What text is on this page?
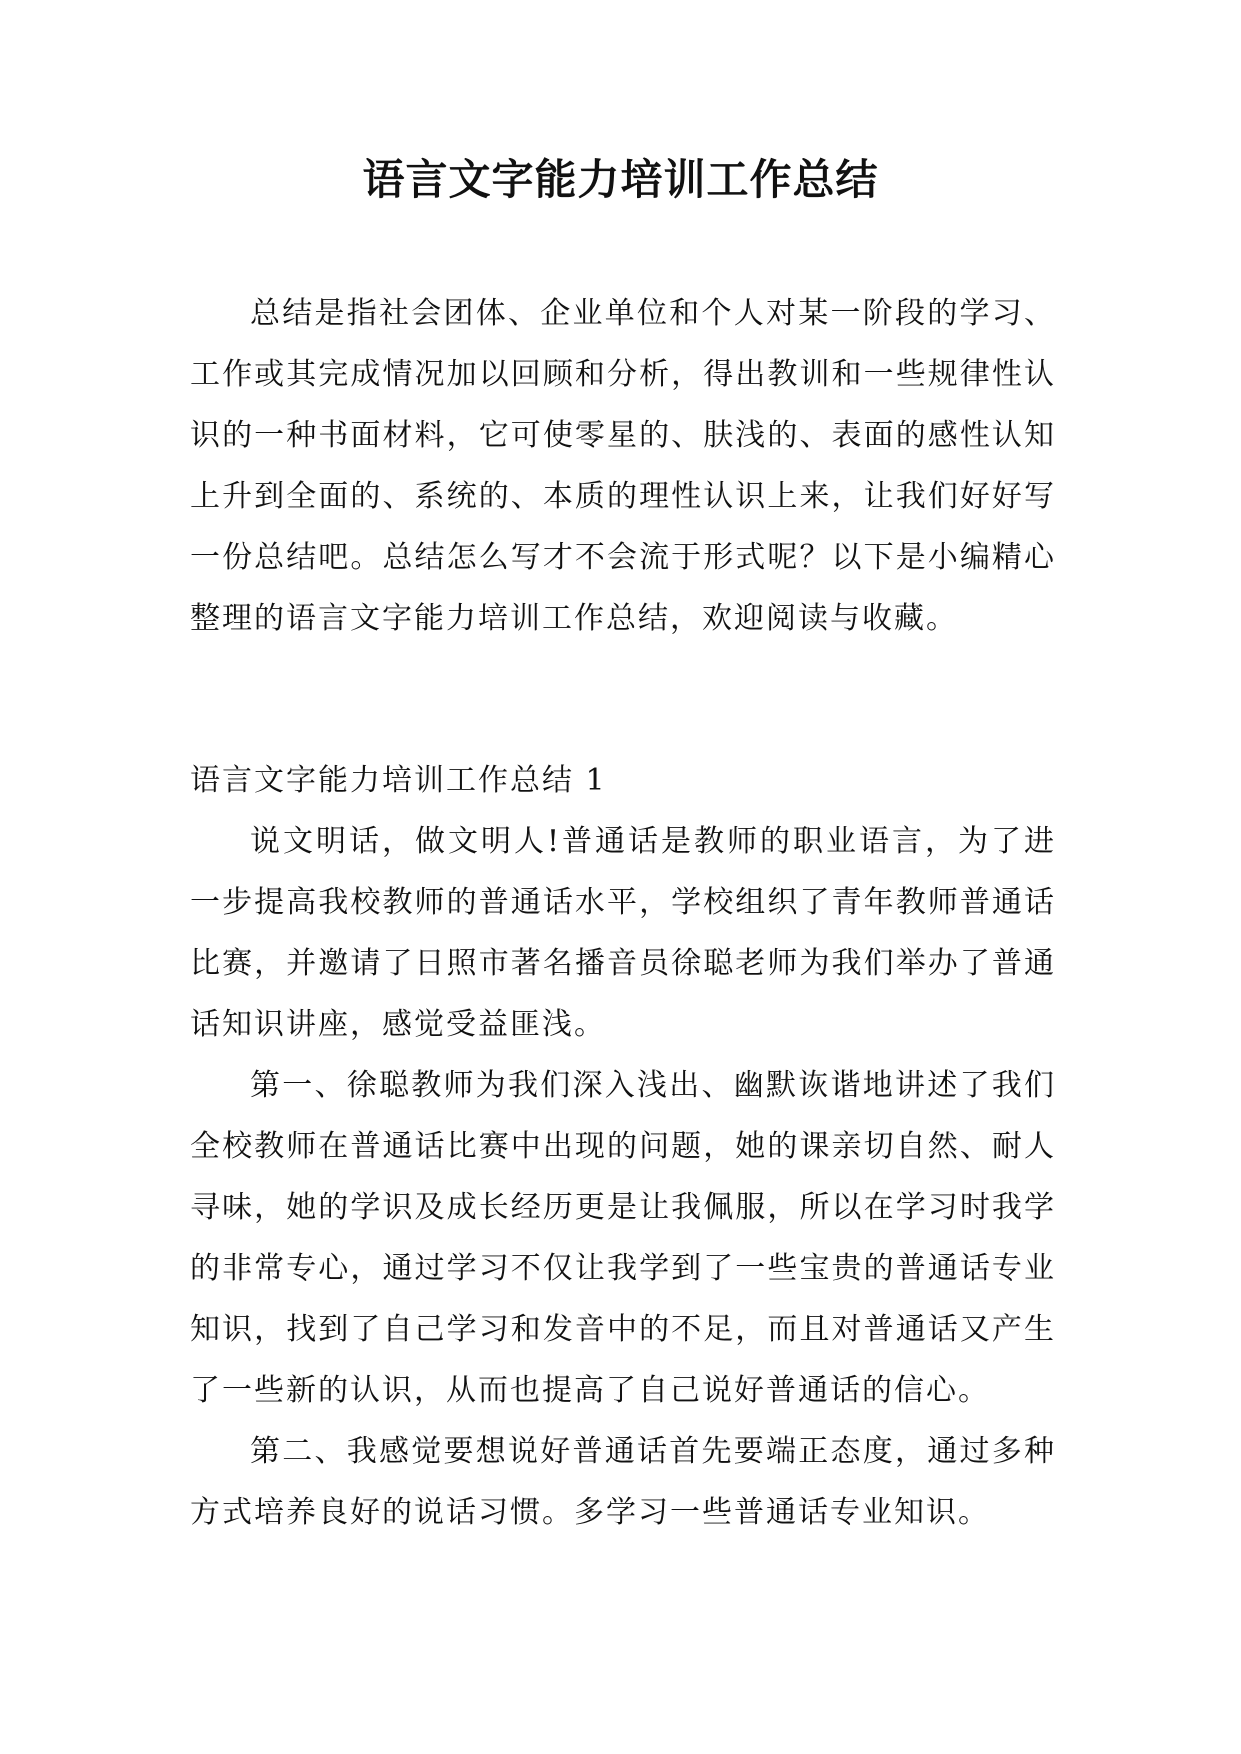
语言文字能力培训工作总结

总结是指社会团体、企业单位和个人对某一阶段的学习、工作或其完成情况加以回顾和分析，得出教训和一些规律性认识的一种书面材料，它可使零星的、肤浅的、表面的感性认知上升到全面的、系统的、本质的理性认识上来，让我们好好写一份总结吧。总结怎么写才不会流于形式呢？以下是小编精心整理的语言文字能力培训工作总结，欢迎阅读与收藏。

语言文字能力培训工作总结 1

说文明话，做文明人!普通话是教师的职业语言，为了进一步提高我校教师的普通话水平，学校组织了青年教师普通话比赛，并邀请了日照市著名播音员徐聪老师为我们举办了普通话知识讲座，感觉受益匪浅。

第一、徐聪教师为我们深入浅出、幽默诙谐地讲述了我们全校教师在普通话比赛中出现的问题，她的课亲切自然、耐人寻味，她的学识及成长经历更是让我佩服，所以在学习时我学的非常专心，通过学习不仅让我学到了一些宝贵的普通话专业知识，找到了自己学习和发音中的不足，而且对普通话又产生了一些新的认识，从而也提高了自己说好普通话的信心。

第二、我感觉要想说好普通话首先要端正态度，通过多种方式培养良好的说话习惯。多学习一些普通话专业知识。
